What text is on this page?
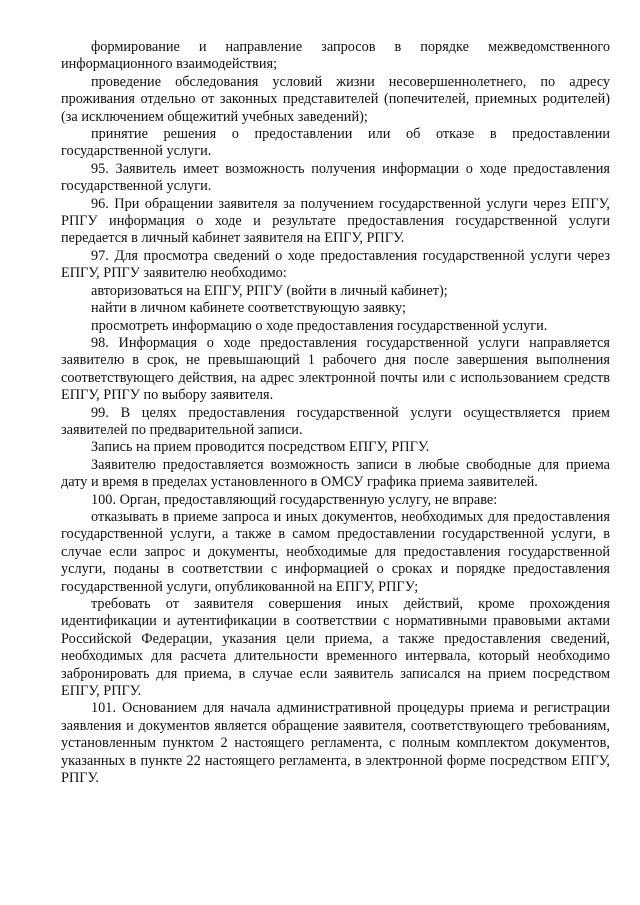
формирование и направление запросов в порядке межведомственного информационного взаимодействия;

проведение обследования условий жизни несовершеннолетнего, по адресу проживания отдельно от законных представителей (попечителей, приемных родителей) (за исключением общежитий учебных заведений);

принятие решения о предоставлении или об отказе в предоставлении государственной услуги.

95. Заявитель имеет возможность получения информации о ходе предоставления государственной услуги.

96. При обращении заявителя за получением государственной услуги через ЕПГУ, РПГУ информация о ходе и результате предоставления государственной услуги передается в личный кабинет заявителя на ЕПГУ, РПГУ.

97. Для просмотра сведений о ходе предоставления государственной услуги через ЕПГУ, РПГУ заявителю необходимо:

авторизоваться на ЕПГУ, РПГУ (войти в личный кабинет);

найти в личном кабинете соответствующую заявку;

просмотреть информацию о ходе предоставления государственной услуги.

98. Информация о ходе предоставления государственной услуги направляется заявителю в срок, не превышающий 1 рабочего дня после завершения выполнения соответствующего действия, на адрес электронной почты или с использованием средств ЕПГУ, РПГУ по выбору заявителя.

99. В целях предоставления государственной услуги осуществляется прием заявителей по предварительной записи.

Запись на прием проводится посредством ЕПГУ, РПГУ.

Заявителю предоставляется возможность записи в любые свободные для приема дату и время в пределах установленного в ОМСУ графика приема заявителей.

100. Орган, предоставляющий государственную услугу, не вправе:

отказывать в приеме запроса и иных документов, необходимых для предоставления государственной услуги, а также в самом предоставлении государственной услуги, в случае если запрос и документы, необходимые для предоставления государственной услуги, поданы в соответствии с информацией о сроках и порядке предоставления государственной услуги, опубликованной на ЕПГУ, РПГУ;

требовать от заявителя совершения иных действий, кроме прохождения идентификации и аутентификации в соответствии с нормативными правовыми актами Российской Федерации, указания цели приема, а также предоставления сведений, необходимых для расчета длительности временного интервала, который необходимо забронировать для приема, в случае если заявитель записался на прием посредством ЕПГУ, РПГУ.

101. Основанием для начала административной процедуры приема и регистрации заявления и документов является обращение заявителя, соответствующего требованиям, установленным пунктом 2 настоящего регламента, с полным комплектом документов, указанных в пункте 22 настоящего регламента, в электронной форме посредством ЕПГУ, РПГУ.
